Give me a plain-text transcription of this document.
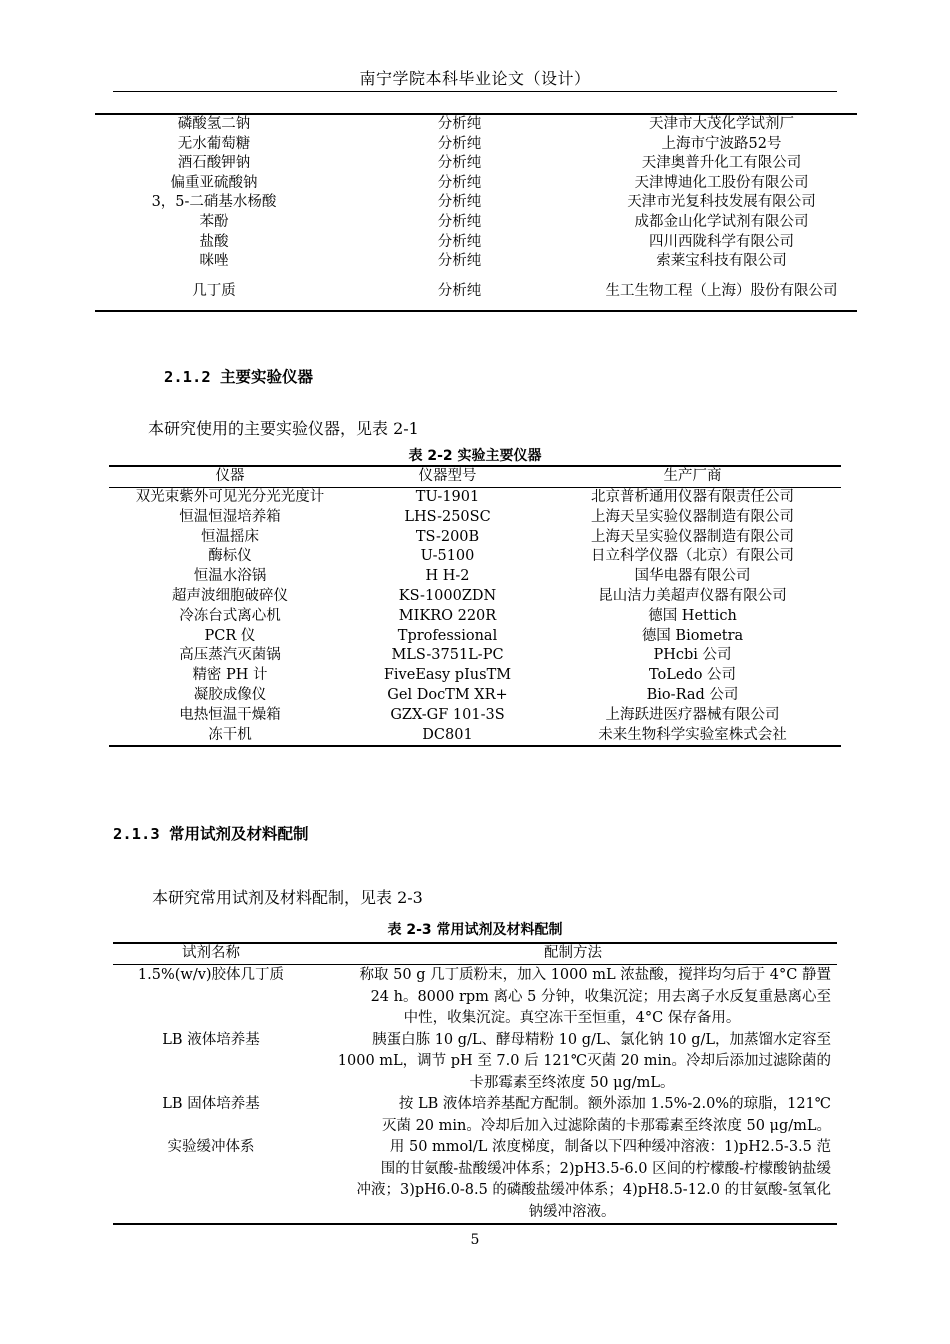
南宁学院本科毕业论文（设计）
磷酸氢二钠	分析纯	天津市大茂化学试剂厂
无水葡萄糖	分析纯	上海市宁波路52号
酒石酸钾钠	分析纯	天津奥普升化工有限公司
偏重亚硫酸钠	分析纯	天津博迪化工股份有限公司
3，5-二硝基水杨酸	分析纯	天津市光复科技发展有限公司
苯酚	分析纯	成都金山化学试剂有限公司
盐酸	分析纯	四川西陇科学有限公司
咪唑	分析纯	索莱宝科技有限公司
几丁质	分析纯	生工生物工程（上海）股份有限公司
2.1.2 主要实验仪器
本研究使用的主要实验仪器，见表 2-1
表 2-2 实验主要仪器
仪器	仪器型号	生产厂商
双光束紫外可见光分光光度计	TU-1901	北京普析通用仪器有限责任公司
恒温恒湿培养箱	LHS-250SC	上海天呈实验仪器制造有限公司
恒温摇床	TS-200B	上海天呈实验仪器制造有限公司
酶标仪	U-5100	日立科学仪器（北京）有限公司
恒温水浴锅	H H-2	国华电器有限公司
超声波细胞破碎仪	KS-1000ZDN	昆山洁力美超声仪器有限公司
冷冻台式离心机	MIKRO 220R	德国 Hettich
PCR 仪	Tprofessional	德国 Biometra
高压蒸汽灭菌锅	MLS-3751L-PC	PHcbi 公司
精密 PH 计	FiveEasy pIusTM	ToLedo 公司
凝胶成像仪	Gel DocTM XR+	Bio-Rad 公司
电热恒温干燥箱	GZX-GF 101-3S	上海跃进医疗器械有限公司
冻干机	DC801	未来生物科学实验室株式会社
2.1.3 常用试剂及材料配制
本研究常用试剂及材料配制，见表 2-3
表 2-3 常用试剂及材料配制
试剂名称	配制方法
1.5%(w/v)胶体几丁质	称取 50 g 几丁质粉末，加入 1000 mL 浓盐酸，搅拌均匀后于 4°C 静置
24 h。8000 rpm 离心 5 分钟，收集沉淀；用去离子水反复重悬离心至
中性，收集沉淀。真空冻干至恒重，4°C 保存备用。

LB 液体培养基	胰蛋白胨 10 g/L、酵母精粉 10 g/L、氯化钠 10 g/L，加蒸馏水定容至
1000 mL，调节 pH 至 7.0 后 121℃灭菌 20 min。冷却后添加过滤除菌的
卡那霉素至终浓度 50 μg/mL。

LB 固体培养基	按 LB 液体培养基配方配制。额外添加 1.5%-2.0%的琼脂，121℃
灭菌 20 min。冷却后加入过滤除菌的卡那霉素至终浓度 50 μg/mL。

实验缓冲体系	用 50 mmol/L 浓度梯度，制备以下四种缓冲溶液：1)pH2.5-3.5 范
围的甘氨酸-盐酸缓冲体系；2)pH3.5-6.0 区间的柠檬酸-柠檬酸钠盐缓
冲液；3)pH6.0-8.5 的磷酸盐缓冲体系；4)pH8.5-12.0 的甘氨酸-氢氧化
钠缓冲溶液。
5
